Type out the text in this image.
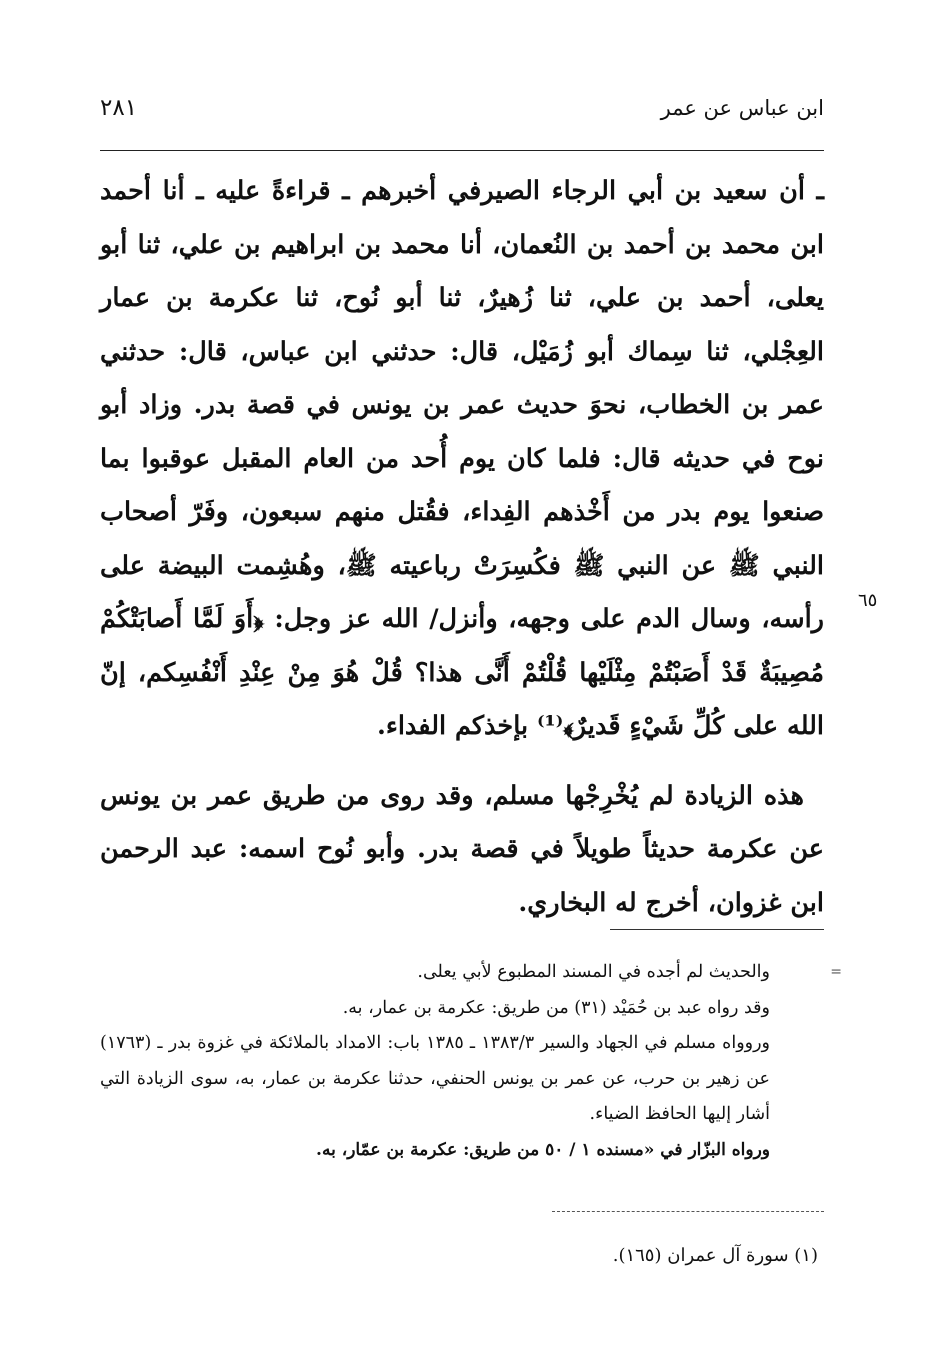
ابن عباس عن عمر
٢٨١

ـ أن سعيد بن أبي الرجاء الصيرفي أخبرهم ـ قراءةً عليه ـ أنا أحمد ابن محمد بن أحمد بن النُعمان، أنا محمد بن ابراهيم بن علي، ثنا أبو يعلى، أحمد بن علي، ثنا زُهيرٌ، ثنا أبو نُوح، ثنا عكرمة بن عمار العِجْلي، ثنا سِماك أبو زُمَيْل، قال: حدثني ابن عباس، قال: حدثني عمر بن الخطاب، نحوَ حديث عمر بن يونس في قصة بدر. وزاد أبو نوح في حديثه قال: فلما كان يوم أُحد من العام المقبل عوقبوا بما صنعوا يوم بدر من أَخْذهم الفِداء، فقُتل منهم سبعون، وفَرّ أصحاب النبي ﷺ عن النبي ﷺ فكُسِرَتْ رباعيته ﷺ، وهُشِمت البيضة على رأسه، وسال الدم على وجهه، وأنزل/ الله عز وجل: ﴿أَوَ لَمَّا أَصابَتْكُمْ مُصِيبَةٌ قَدْ أَصَبْتُمْ مِثْلَيْها قُلْتُمْ أَنَّى هذا؟ قُلْ هُوَ مِنْ عِنْدِ أَنْفُسِكم، إنّ الله على كُلِّ شَيْءٍ قَديرٌ﴾⁽¹⁾ بإخذكم الفداء.

هذه الزيادة لم يُخْرِجْها مسلم، وقد روى من طريق عمر بن يونس عن عكرمة حديثاً طويلاً في قصة بدر. وأبو نُوح اسمه: عبد الرحمن ابن غزوان، أخرج له البخاري.

٦٥
=

والحديث لم أجده في المسند المطبوع لأبي يعلى.

وقد رواه عبد بن حُمَيْد (٣١) من طريق: عكرمة بن عمار، به.

وروواه مسلم في الجهاد والسير ١٣٨٣/٣ ـ ١٣٨٥ باب: الامداد بالملائكة في غزوة بدر ـ (١٧٦٣) عن زهير بن حرب، عن عمر بن يونس الحنفي، حدثنا عكرمة بن عمار، به، سوى الزيادة التي أشار إليها الحافظ الضياء.

ورواه البزّار في «مسنده ١ / ٥٠ من طريق: عكرمة بن عمّار، به.

(١) سورة آل عمران (١٦٥).
